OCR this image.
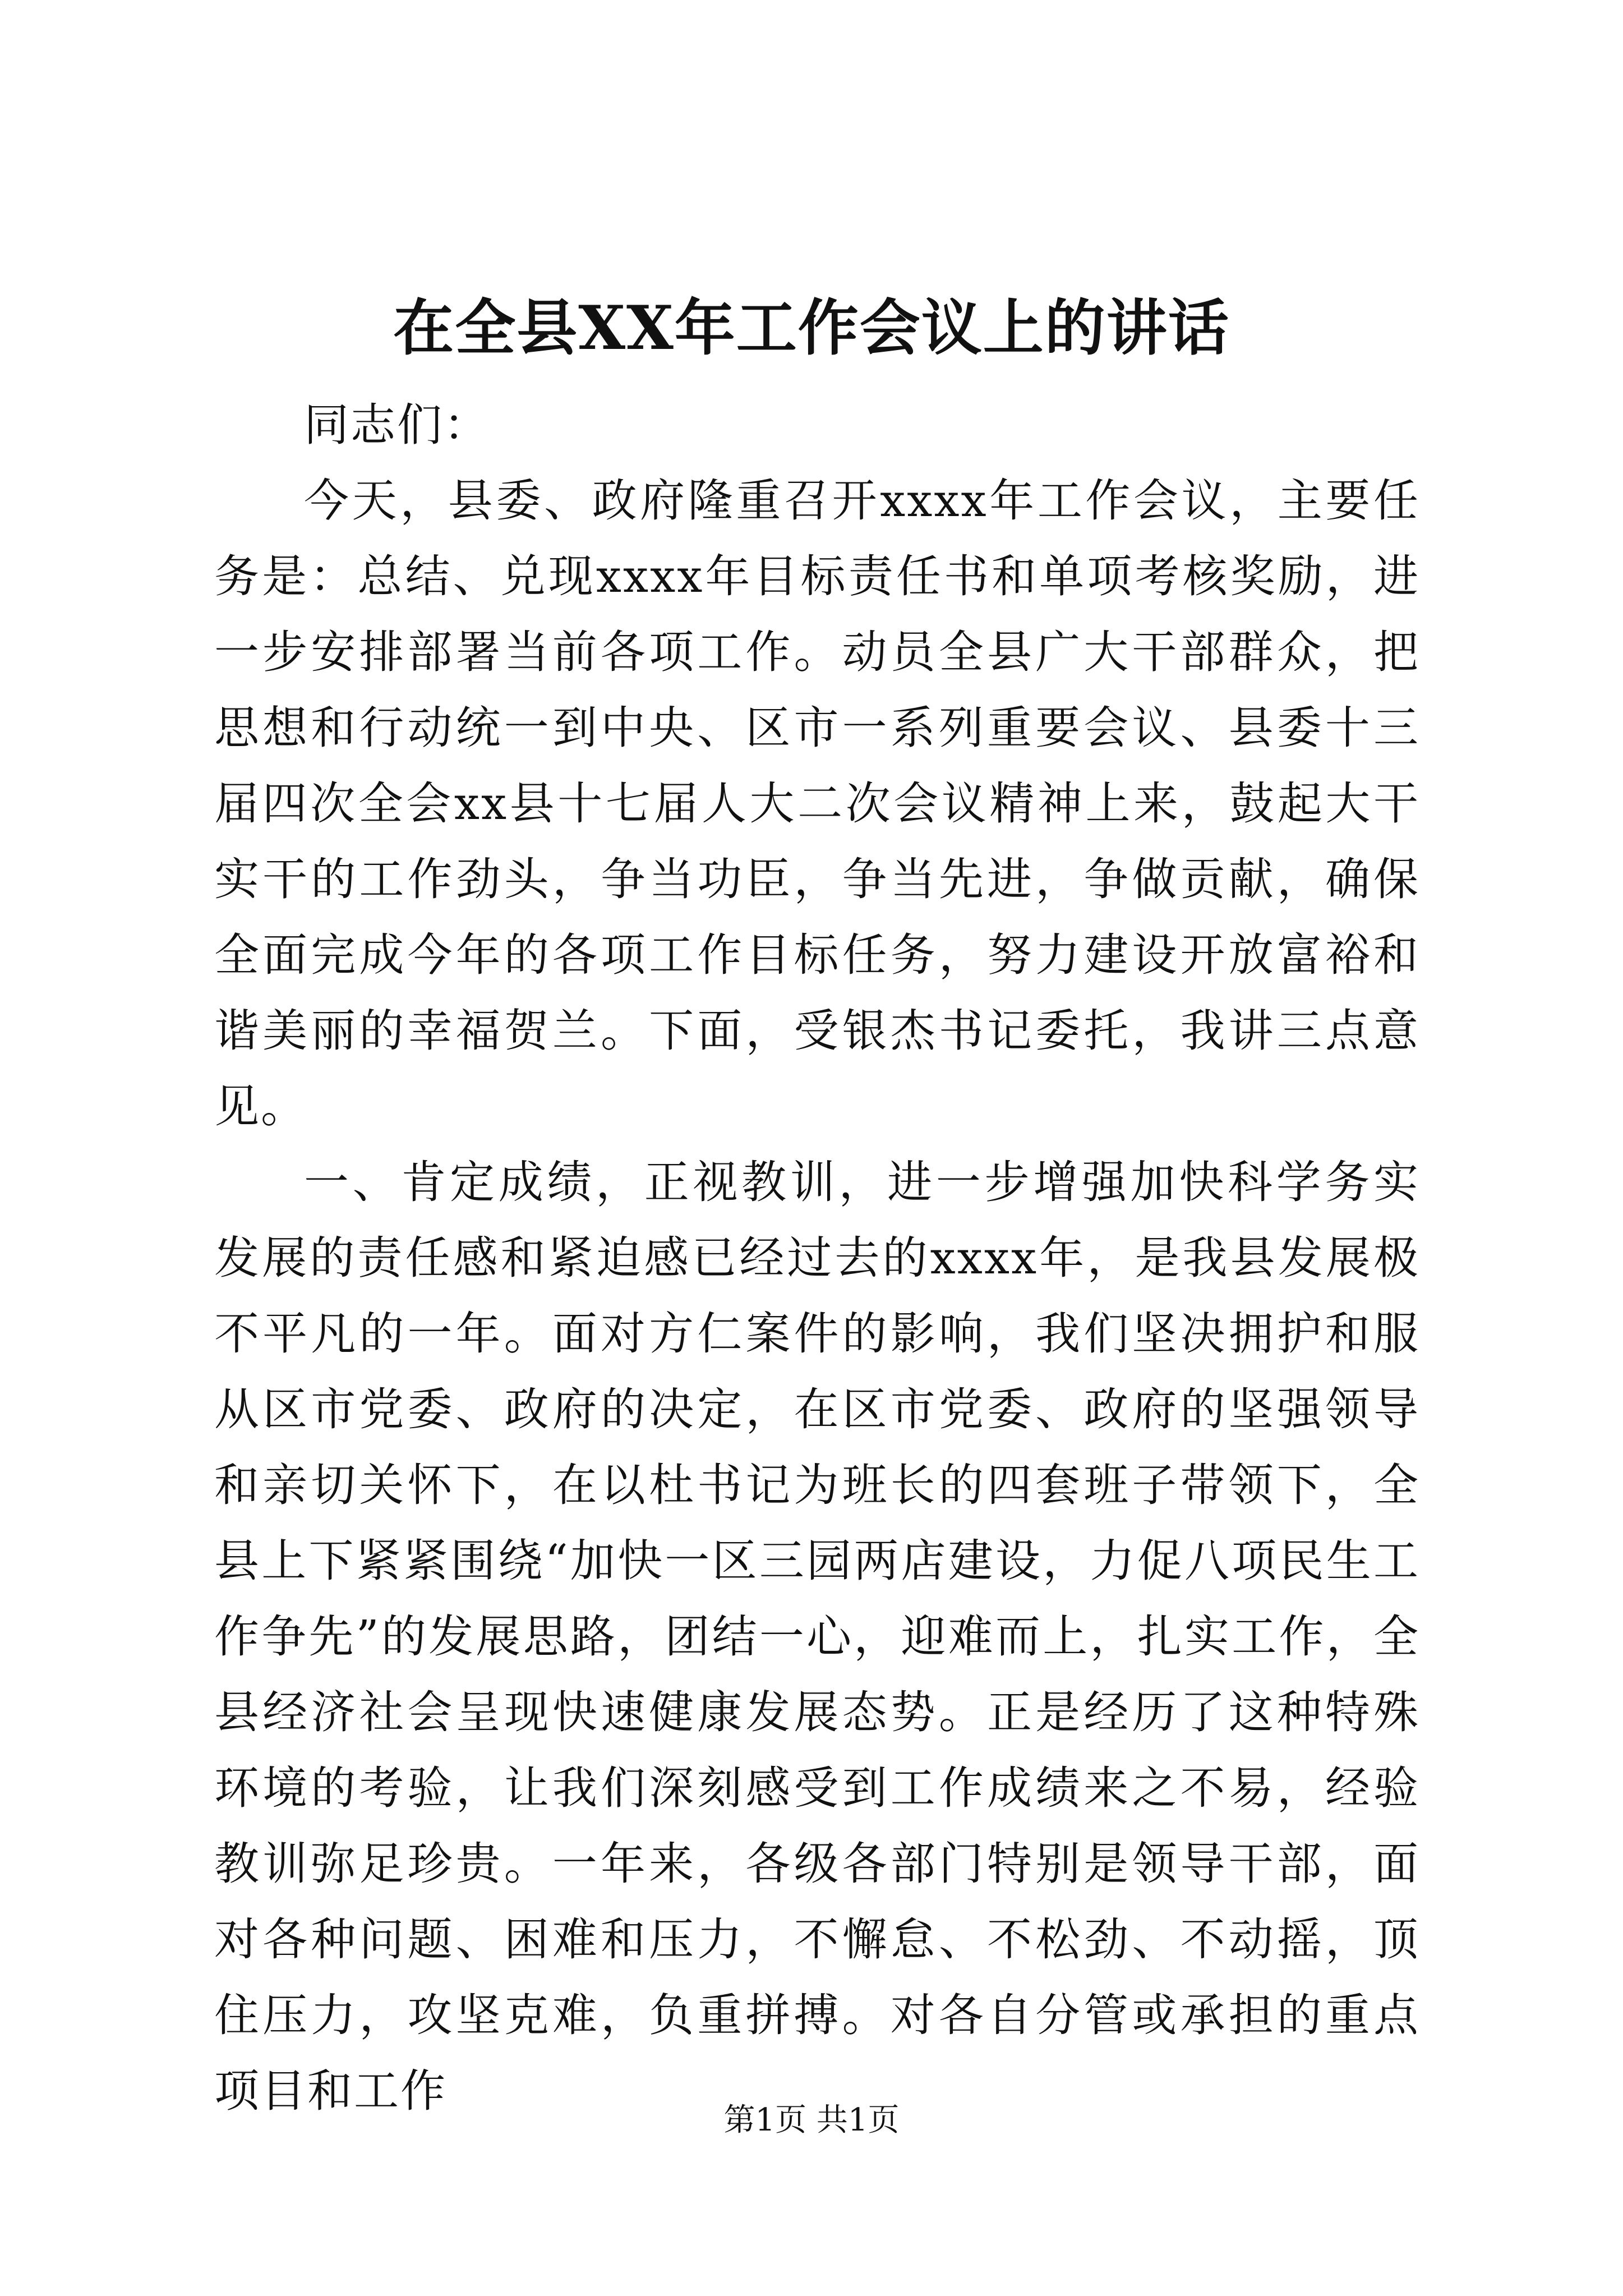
在全县XX年工作会议上的讲话

同志们：

今天，县委、政府隆重召开xxxx年工作会议，主要任务是：总结、兑现xxxx年目标责任书和单项考核奖励，进一步安排部署当前各项工作。动员全县广大干部群众，把思想和行动统一到中央、区市一系列重要会议、县委十三届四次全会xx县十七届人大二次会议精神上来，鼓起大干实干的工作劲头，争当功臣，争当先进，争做贡献，确保全面完成今年的各项工作目标任务，努力建设开放富裕和谐美丽的幸福贺兰。下面，受银杰书记委托，我讲三点意见。

一、肯定成绩，正视教训，进一步增强加快科学务实发展的责任感和紧迫感已经过去的xxxx年，是我县发展极不平凡的一年。面对方仁案件的影响，我们坚决拥护和服从区市党委、政府的决定，在区市党委、政府的坚强领导和亲切关怀下，在以杜书记为班长的四套班子带领下，全县上下紧紧围绕“加快一区三园两店建设，力促八项民生工作争先”的发展思路，团结一心，迎难而上，扎实工作，全县经济社会呈现快速健康发展态势。正是经历了这种特殊环境的考验，让我们深刻感受到工作成绩来之不易，经验教训弥足珍贵。一年来，各级各部门特别是领导干部，面对各种问题、困难和压力，不懈怠、不松劲、不动摇，顶住压力，攻坚克难，负重拼搏。对各自分管或承担的重点项目和工作

第1页 共1页
